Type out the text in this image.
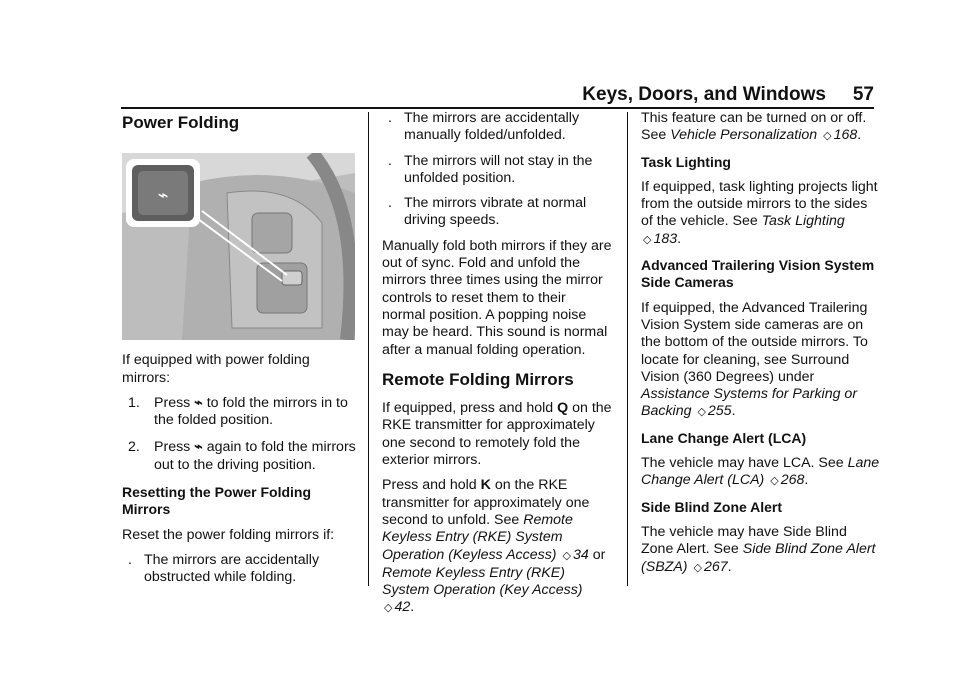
Keys, Doors, and Windows 57
Power Folding
⌁

If equipped with power folding mirrors:

1. Press ⌁ to fold the mirrors in to the folded position.
2. Press ⌁ again to fold the mirrors out to the driving position.
Resetting the Power Folding Mirrors

Reset the power folding mirrors if:

. The mirrors are accidentally obstructed while folding.
. The mirrors are accidentally manually folded/unfolded.
. The mirrors will not stay in the unfolded position.
. The mirrors vibrate at normal driving speeds.

Manually fold both mirrors if they are out of sync. Fold and unfold the mirrors three times using the mirror controls to reset them to their normal position. A popping noise may be heard. This sound is normal after a manual folding operation.

Remote Folding Mirrors

If equipped, press and hold Q on the RKE transmitter for approximately one second to remotely fold the exterior mirrors.

Press and hold K on the RKE transmitter for approximately one second to unfold. See Remote Keyless Entry (RKE) System Operation (Keyless Access) ◇ 34 or Remote Keyless Entry (RKE) System Operation (Key Access) ◇ 42.

This feature can be turned on or off. See Vehicle Personalization ◇ 168.

Task Lighting

If equipped, task lighting projects light from the outside mirrors to the sides of the vehicle. See Task Lighting ◇ 183.

Advanced Trailering Vision System Side Cameras

If equipped, the Advanced Trailering Vision System side cameras are on the bottom of the outside mirrors. To locate for cleaning, see Surround Vision (360 Degrees) under Assistance Systems for Parking or Backing ◇ 255.

Lane Change Alert (LCA)

The vehicle may have LCA. See Lane Change Alert (LCA) ◇ 268.

Side Blind Zone Alert

The vehicle may have Side Blind Zone Alert. See Side Blind Zone Alert (SBZA) ◇ 267.
